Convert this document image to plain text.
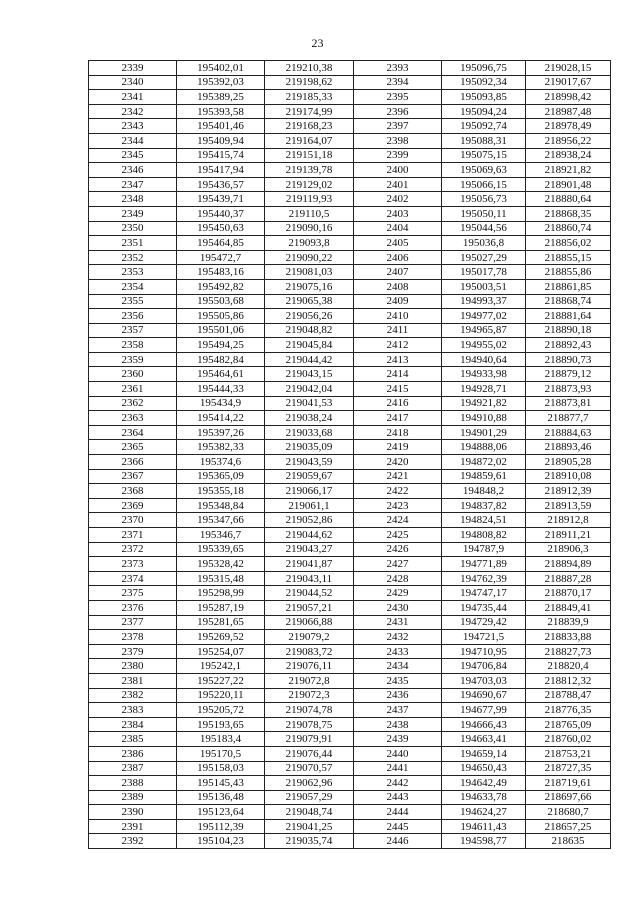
23
2339	195402,01	219210,38	2393	195096,75	219028,15
2340	195392,03	219198,62	2394	195092,34	219017,67
2341	195389,25	219185,33	2395	195093,85	218998,42
2342	195393,58	219174,99	2396	195094,24	218987,48
2343	195401,46	219168,23	2397	195092,74	218978,49
2344	195409,94	219164,07	2398	195088,31	218956,22
2345	195415,74	219151,18	2399	195075,15	218938,24
2346	195417,94	219139,78	2400	195069,63	218921,82
2347	195436,57	219129,02	2401	195066,15	218901,48
2348	195439,71	219119,93	2402	195056,73	218880,64
2349	195440,37	219110,5	2403	195050,11	218868,35
2350	195450,63	219090,16	2404	195044,56	218860,74
2351	195464,85	219093,8	2405	195036,8	218856,02
2352	195472,7	219090,22	2406	195027,29	218855,15
2353	195483,16	219081,03	2407	195017,78	218855,86
2354	195492,82	219075,16	2408	195003,51	218861,85
2355	195503,68	219065,38	2409	194993,37	218868,74
2356	195505,86	219056,26	2410	194977,02	218881,64
2357	195501,06	219048,82	2411	194965,87	218890,18
2358	195494,25	219045,84	2412	194955,02	218892,43
2359	195482,84	219044,42	2413	194940,64	218890,73
2360	195464,61	219043,15	2414	194933,98	218879,12
2361	195444,33	219042,04	2415	194928,71	218873,93
2362	195434,9	219041,53	2416	194921,82	218873,81
2363	195414,22	219038,24	2417	194910,88	218877,7
2364	195397,26	219033,68	2418	194901,29	218884,63
2365	195382,33	219035,09	2419	194888,06	218893,46
2366	195374,6	219043,59	2420	194872,02	218905,28
2367	195365,09	219059,67	2421	194859,61	218910,08
2368	195355,18	219066,17	2422	194848,2	218912,39
2369	195348,84	219061,1	2423	194837,82	218913,59
2370	195347,66	219052,86	2424	194824,51	218912,8
2371	195346,7	219044,62	2425	194808,82	218911,21
2372	195339,65	219043,27	2426	194787,9	218906,3
2373	195328,42	219041,87	2427	194771,89	218894,89
2374	195315,48	219043,11	2428	194762,39	218887,28
2375	195298,99	219044,52	2429	194747,17	218870,17
2376	195287,19	219057,21	2430	194735,44	218849,41
2377	195281,65	219066,88	2431	194729,42	218839,9
2378	195269,52	219079,2	2432	194721,5	218833,88
2379	195254,07	219083,72	2433	194710,95	218827,73
2380	195242,1	219076,11	2434	194706,84	218820,4
2381	195227,22	219072,8	2435	194703,03	218812,32
2382	195220,11	219072,3	2436	194690,67	218788,47
2383	195205,72	219074,78	2437	194677,99	218776,35
2384	195193,65	219078,75	2438	194666,43	218765,09
2385	195183,4	219079,91	2439	194663,41	218760,02
2386	195170,5	219076,44	2440	194659,14	218753,21
2387	195158,03	219070,57	2441	194650,43	218727,35
2388	195145,43	219062,96	2442	194642,49	218719,61
2389	195136,48	219057,29	2443	194633,78	218697,66
2390	195123,64	219048,74	2444	194624,27	218680,7
2391	195112,39	219041,25	2445	194611,43	218657,25
2392	195104,23	219035,74	2446	194598,77	218635
